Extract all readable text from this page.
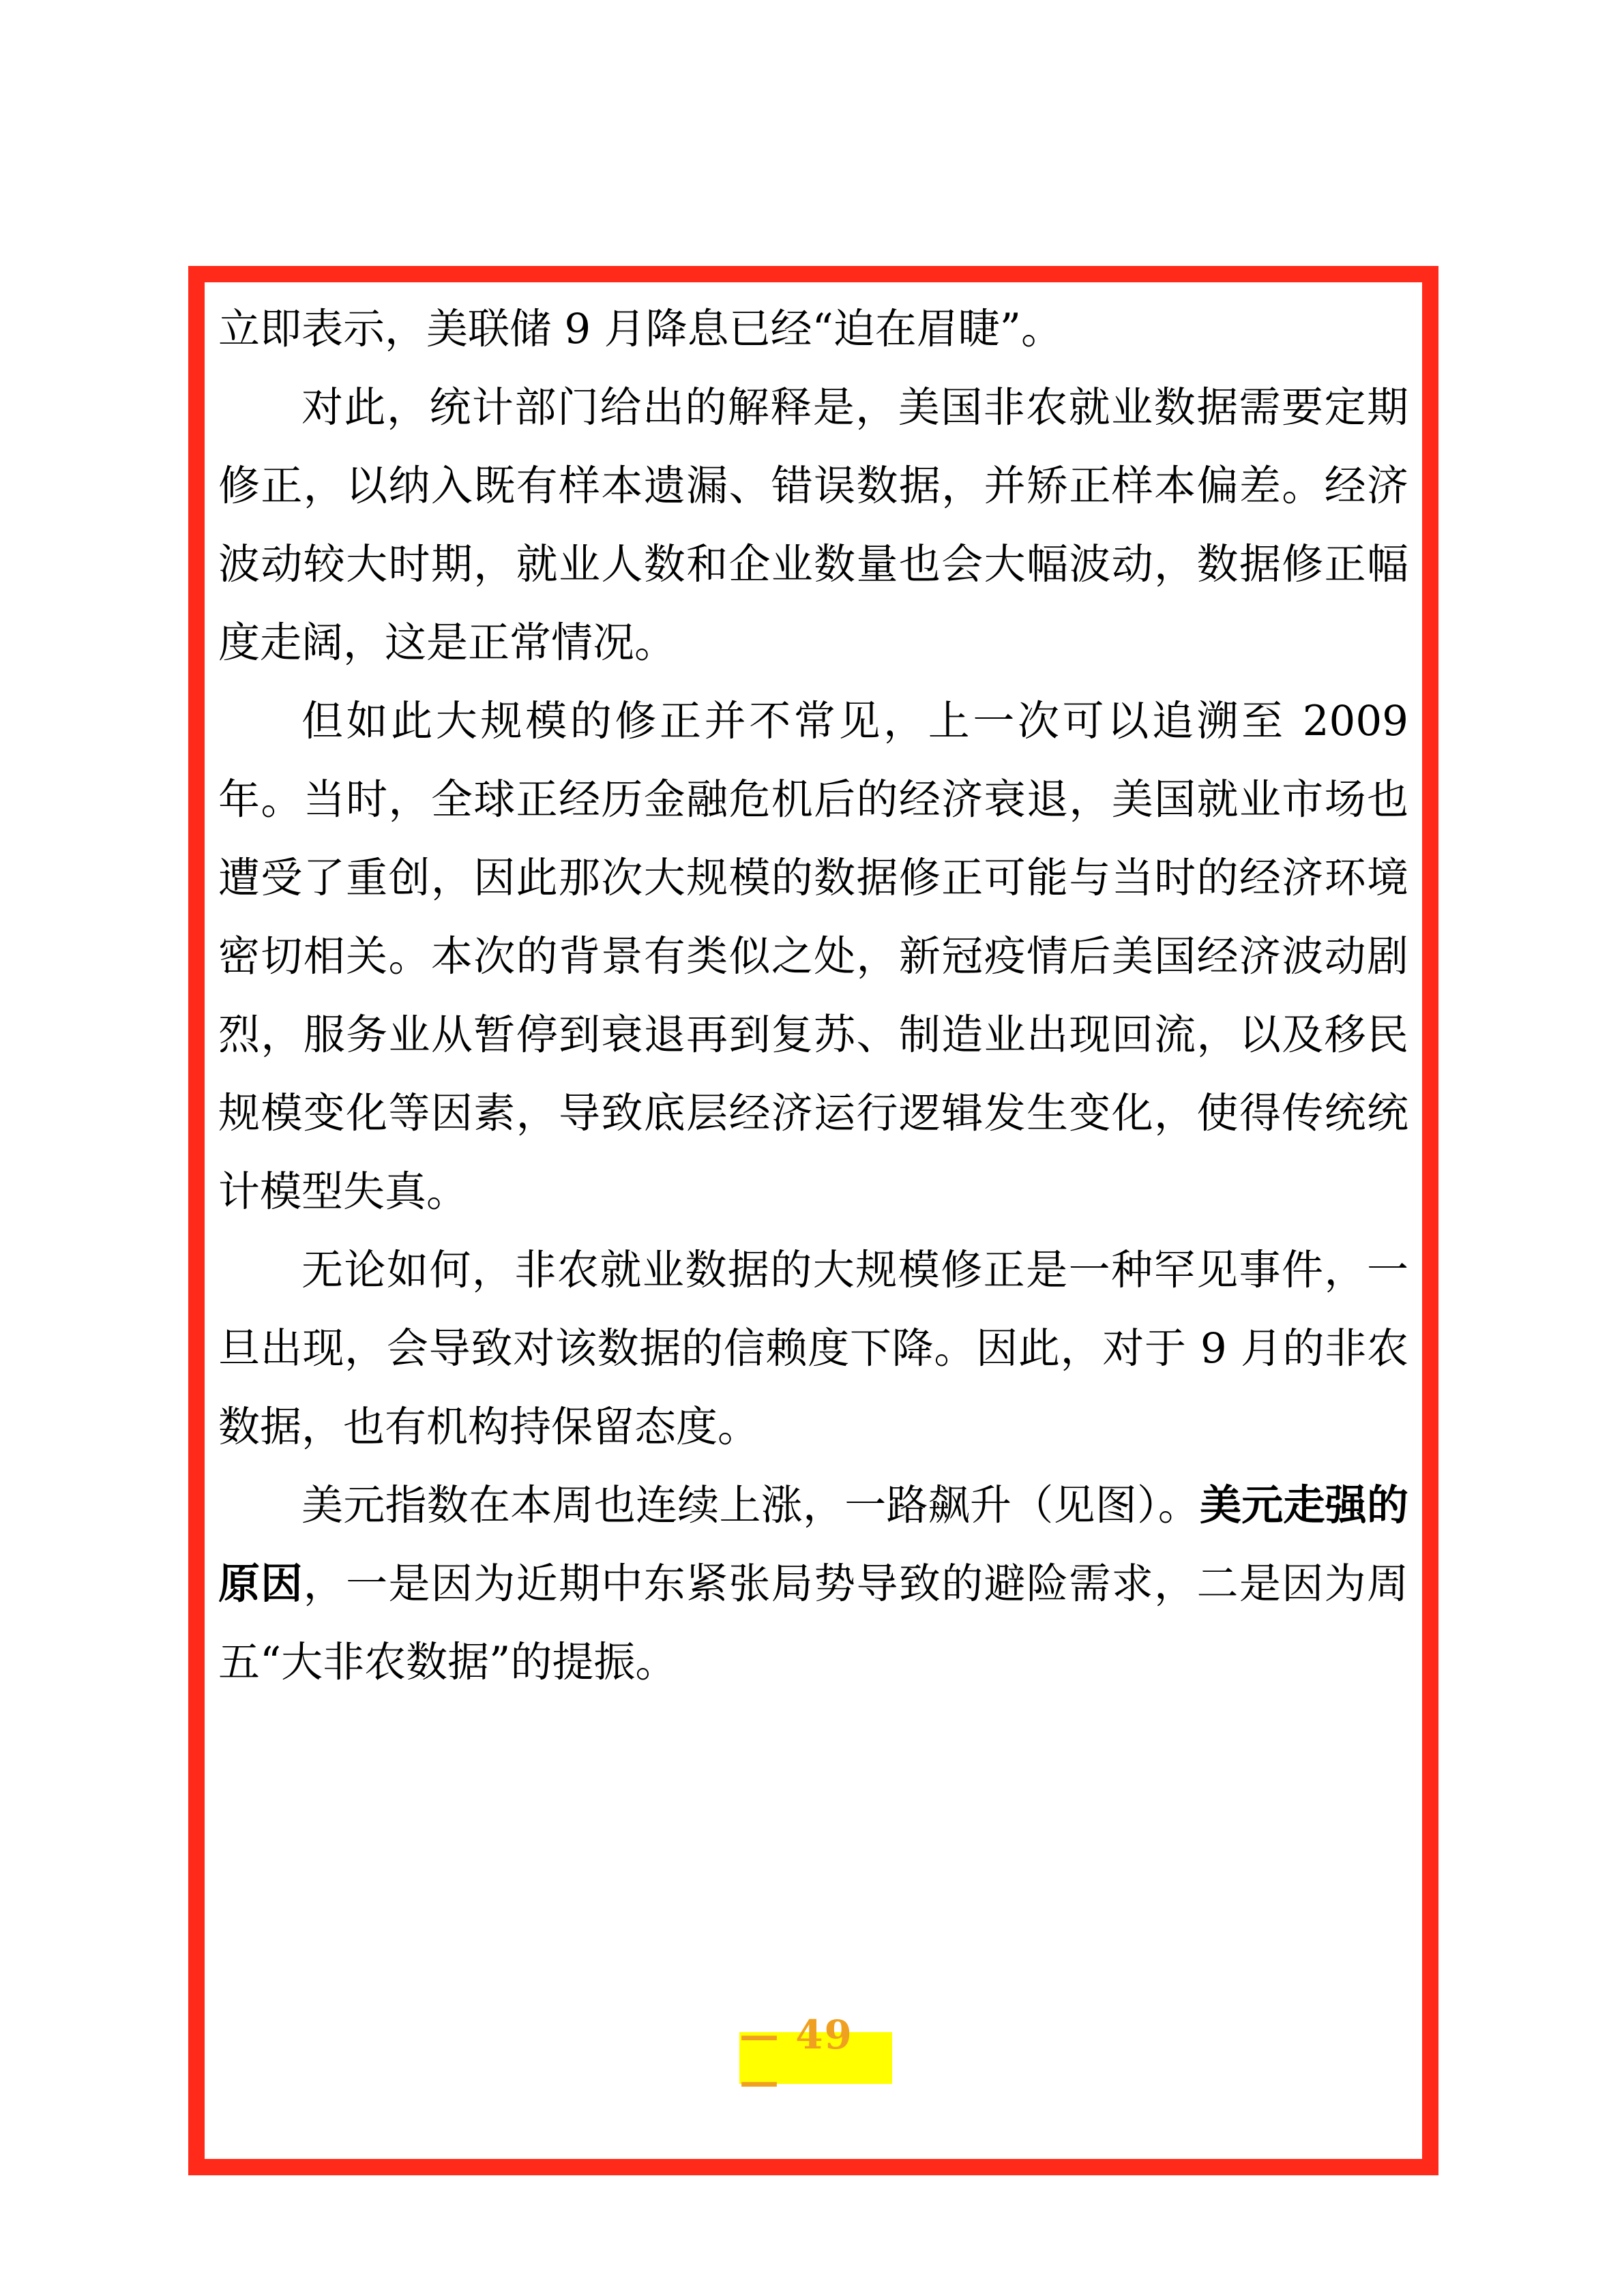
立即表示，美联储 9 月降息已经“迫在眉睫”。

对此，统计部门给出的解释是，美国非农就业数据需要定期修正，以纳入既有样本遗漏、错误数据，并矫正样本偏差。经济波动较大时期，就业人数和企业数量也会大幅波动，数据修正幅度走阔，这是正常情况。

但如此大规模的修正并不常见，上一次可以追溯至 2009 年。当时，全球正经历金融危机后的经济衰退，美国就业市场也遭受了重创，因此那次大规模的数据修正可能与当时的经济环境密切相关。本次的背景有类似之处，新冠疫情后美国经济波动剧烈，服务业从暂停到衰退再到复苏、制造业出现回流，以及移民规模变化等因素，导致底层经济运行逻辑发生变化，使得传统统计模型失真。

无论如何，非农就业数据的大规模修正是一种罕见事件，一旦出现，会导致对该数据的信赖度下降。因此，对于 9 月的非农数据，也有机构持保留态度。

美元指数在本周也连续上涨，一路飙升（见图）。美元走强的原因，一是因为近期中东紧张局势导致的避险需求，二是因为周五“大非农数据”的提振。

— 49 —
